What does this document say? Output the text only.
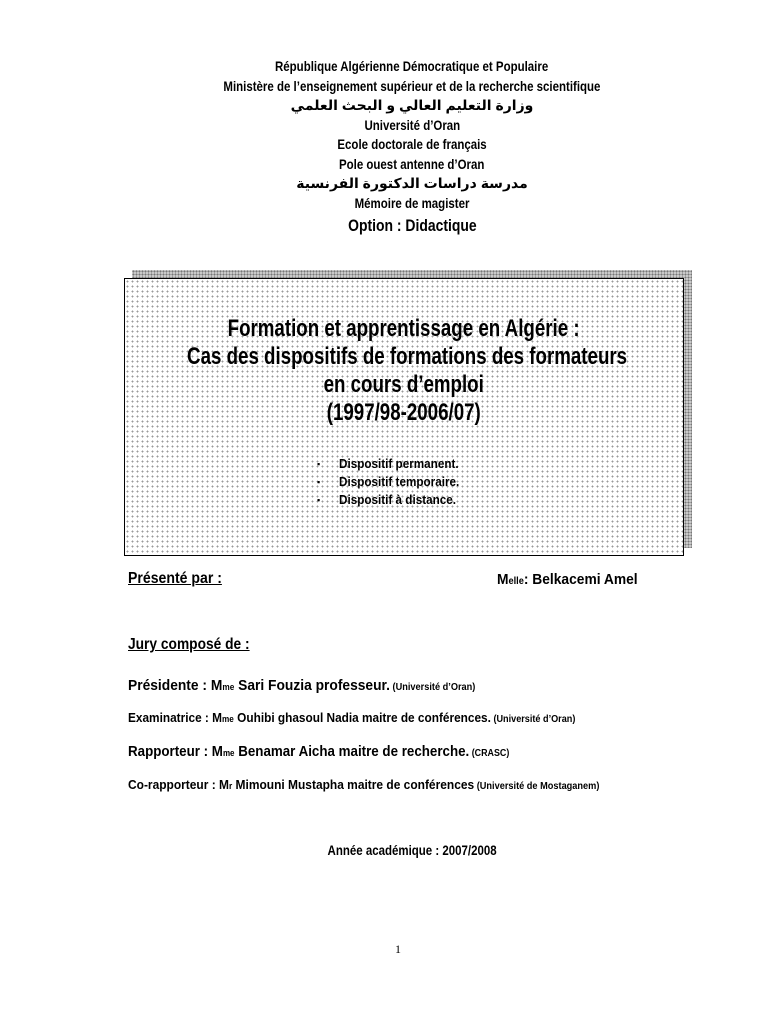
République Algérienne Démocratique et Populaire
Ministère de l’enseignement supérieur et de la recherche scientifique
وزارة التعليم العالي و البحث العلمي
Université d’Oran
Ecole doctorale de français
Pole ouest antenne d’Oran
مدرسة دراسات الدكتورة الفرنسية
Mémoire de magister
Option : Didactique
Formation et apprentissage en Algérie :
Cas des dispositifs de formations des formateurs
en cours d’emploi
(1997/98-2006/07)
▪ Dispositif permanent.
▪ Dispositif temporaire.
▪ Dispositif à distance.
Présenté par :	Melle: Belkacemi Amel
Jury composé de :
Présidente : Mme Sari Fouzia professeur. (Université d’Oran)
Examinatrice : Mme Ouhibi ghasoul Nadia maitre de conférences. (Université d’Oran)
Rapporteur : Mme Benamar Aicha maitre de recherche. (CRASC)
Co-rapporteur : Mr Mimouni Mustapha maitre de conférences (Université de Mostaganem)
Année académique : 2007/2008
1
